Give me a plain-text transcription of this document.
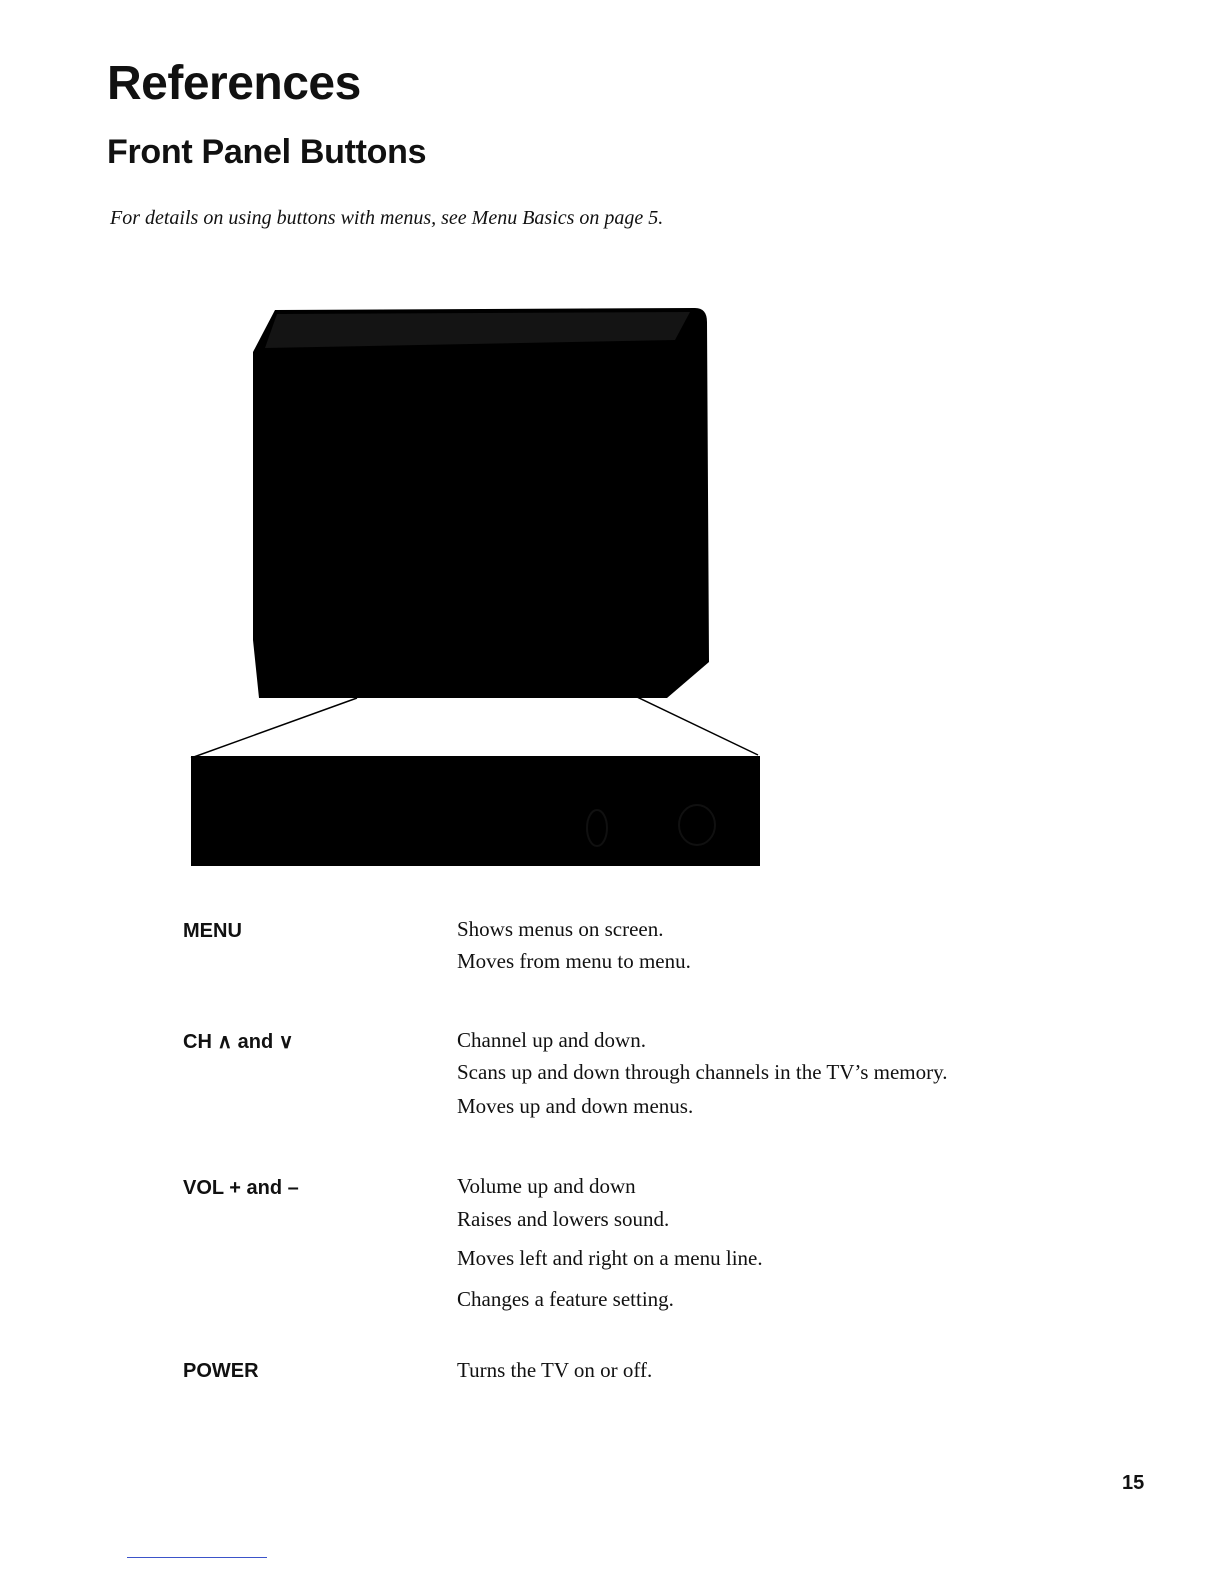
References
Front Panel Buttons

For details on using buttons with menus, see Menu Basics on page 5.

MENU	Shows menus on screen.

Moves from menu to menu.

CH ∧ and ∨	Channel up and down.

Scans up and down through channels in the TV’s memory.

Moves up and down menus.

VOL + and –	Volume up and down

Raises and lowers sound.

Moves left and right on a menu line.

Changes a feature setting.

POWER	Turns the TV on or off.

15
